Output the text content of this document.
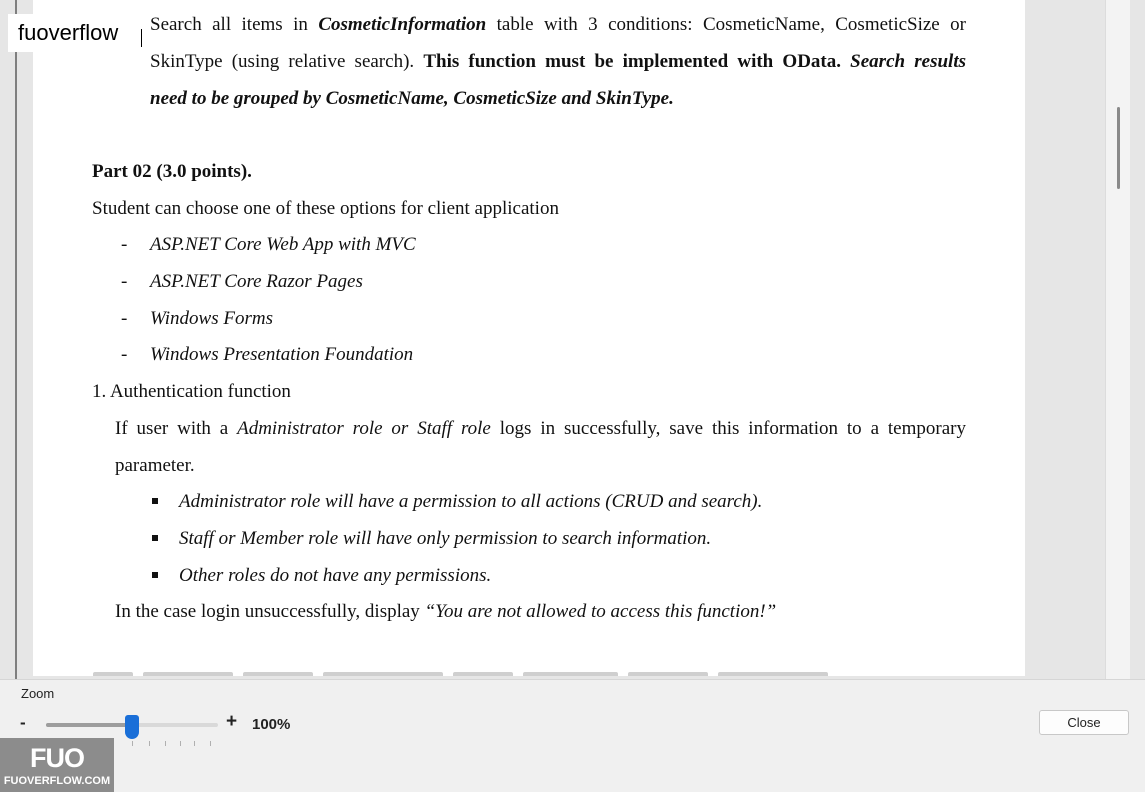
Search all items in CosmeticInformation table with 3 conditions: CosmeticName, CosmeticSize or
SkinType (using relative search). This function must be implemented with OData. Search results
need to be grouped by CosmeticName, CosmeticSize and SkinType.
Part 02 (3.0 points).
Student can choose one of these options for client application
- ASP.NET Core Web App with MVC
- ASP.NET Core Razor Pages
- Windows Forms
- Windows Presentation Foundation
1. Authentication function
If user with a Administrator role or Staff role logs in successfully, save this information to a temporary
parameter.
Administrator role will have a permission to all actions (CRUD and search).
Staff or Member role will have only permission to search information.
Other roles do not have any permissions.
In the case login unsuccessfully, display “You are not allowed to access this function!”
fuoverflow
Zoom
-	+ 100%	Close
FUO
FUOVERFLOW.COM
